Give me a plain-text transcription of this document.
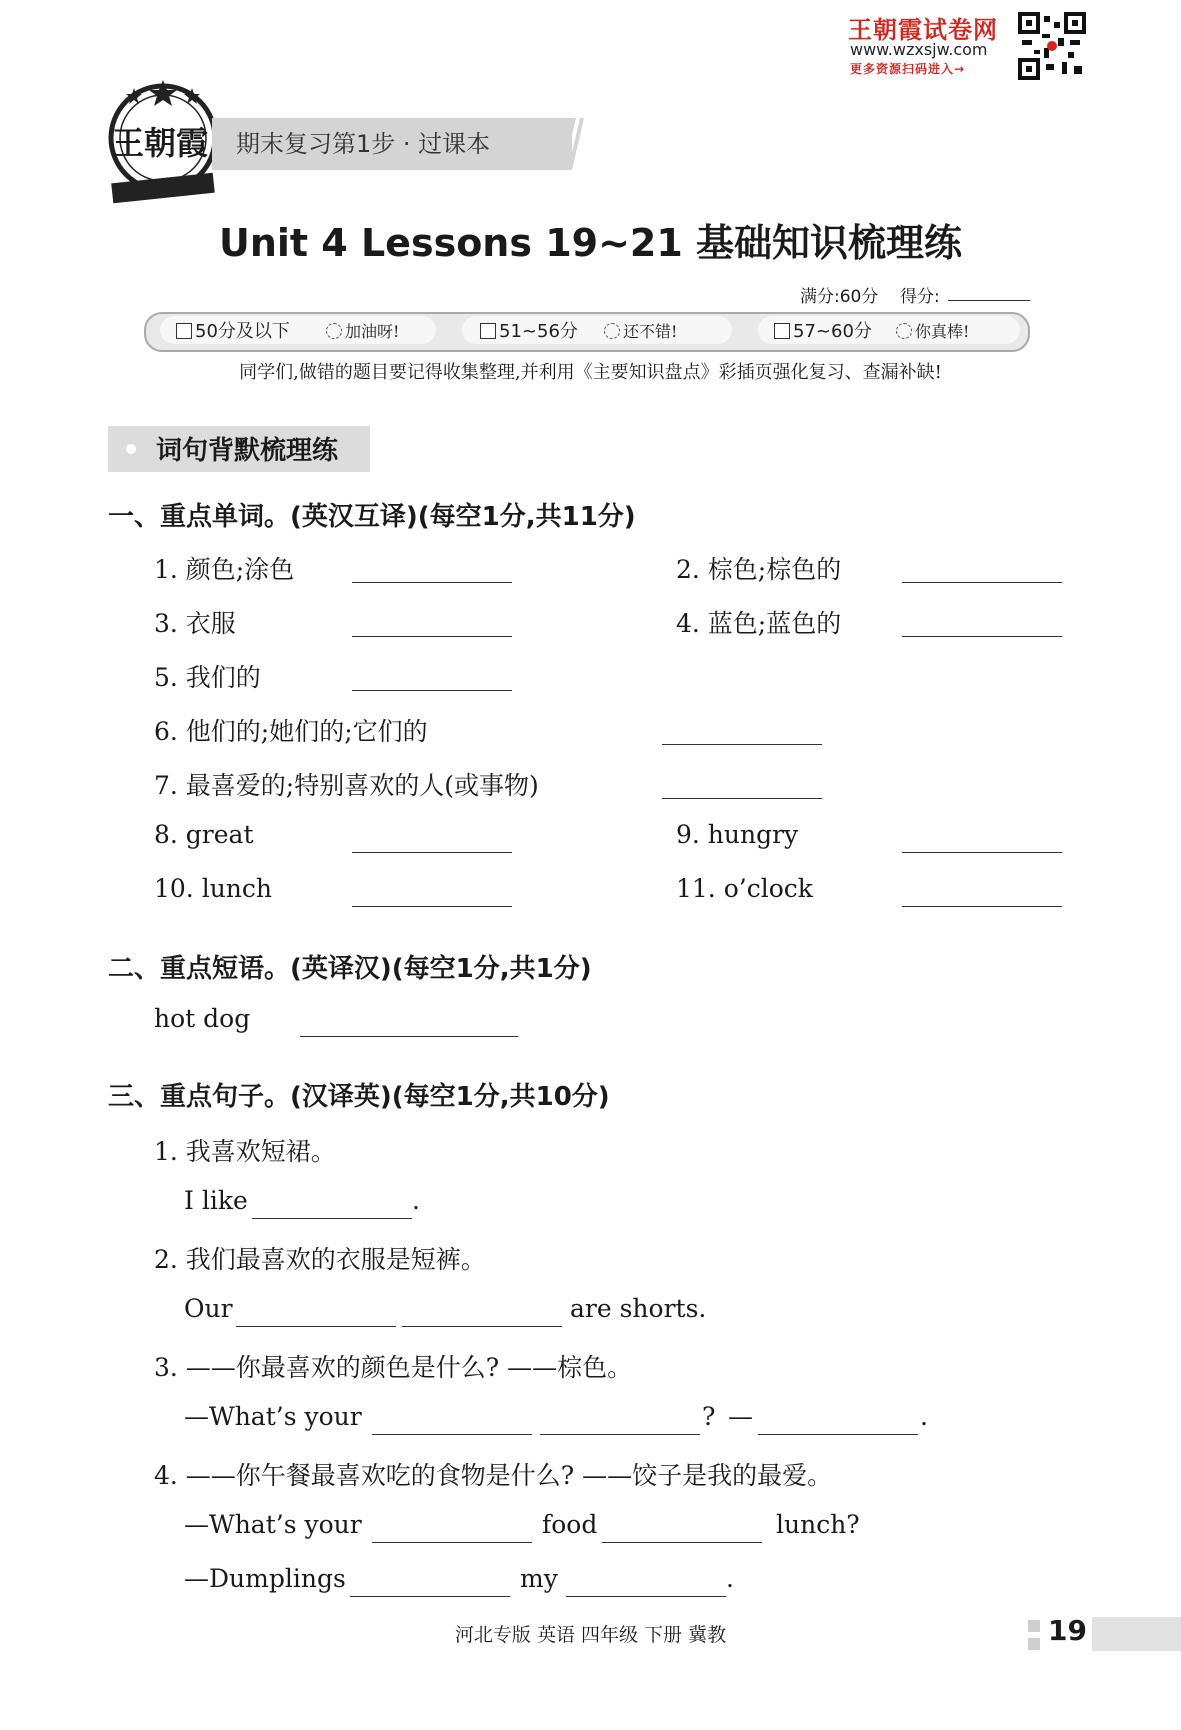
王朝霞试卷网
www.wzxsjw.com
更多资源扫码进入→
王朝霞 期末复习第1步 · 过课本
Unit 4 Lessons 19~21 基础知识梳理练
满分:60分 得分:
50分及以下	加油呀!	51~56分	还不错!	57~60分	你真棒!
同学们,做错的题目要记得收集整理,并利用《主要知识盘点》彩插页强化复习、查漏补缺!
词句背默梳理练
一、重点单词。(英汉互译)(每空1分,共11分)
1. 颜色;涂色	2. 棕色;棕色的
3. 衣服	4. 蓝色;蓝色的
5. 我们的
6. 他们的;她们的;它们的
7. 最喜爱的;特别喜欢的人(或事物)
8. great	9. hungry
10. lunch	11. o’clock
二、重点短语。(英译汉)(每空1分,共1分)
hot dog
三、重点句子。(汉译英)(每空1分,共10分)
1. 我喜欢短裙。
I like	.
2. 我们最喜欢的衣服是短裤。
Our	are shorts.
3. ——你最喜欢的颜色是什么? ——棕色。
—What’s your	? —	.
4. ——你午餐最喜欢吃的食物是什么? ——饺子是我的最爱。
—What’s your	food	lunch?
—Dumplings	my	.
河北专版 英语 四年级 下册 冀教	19
